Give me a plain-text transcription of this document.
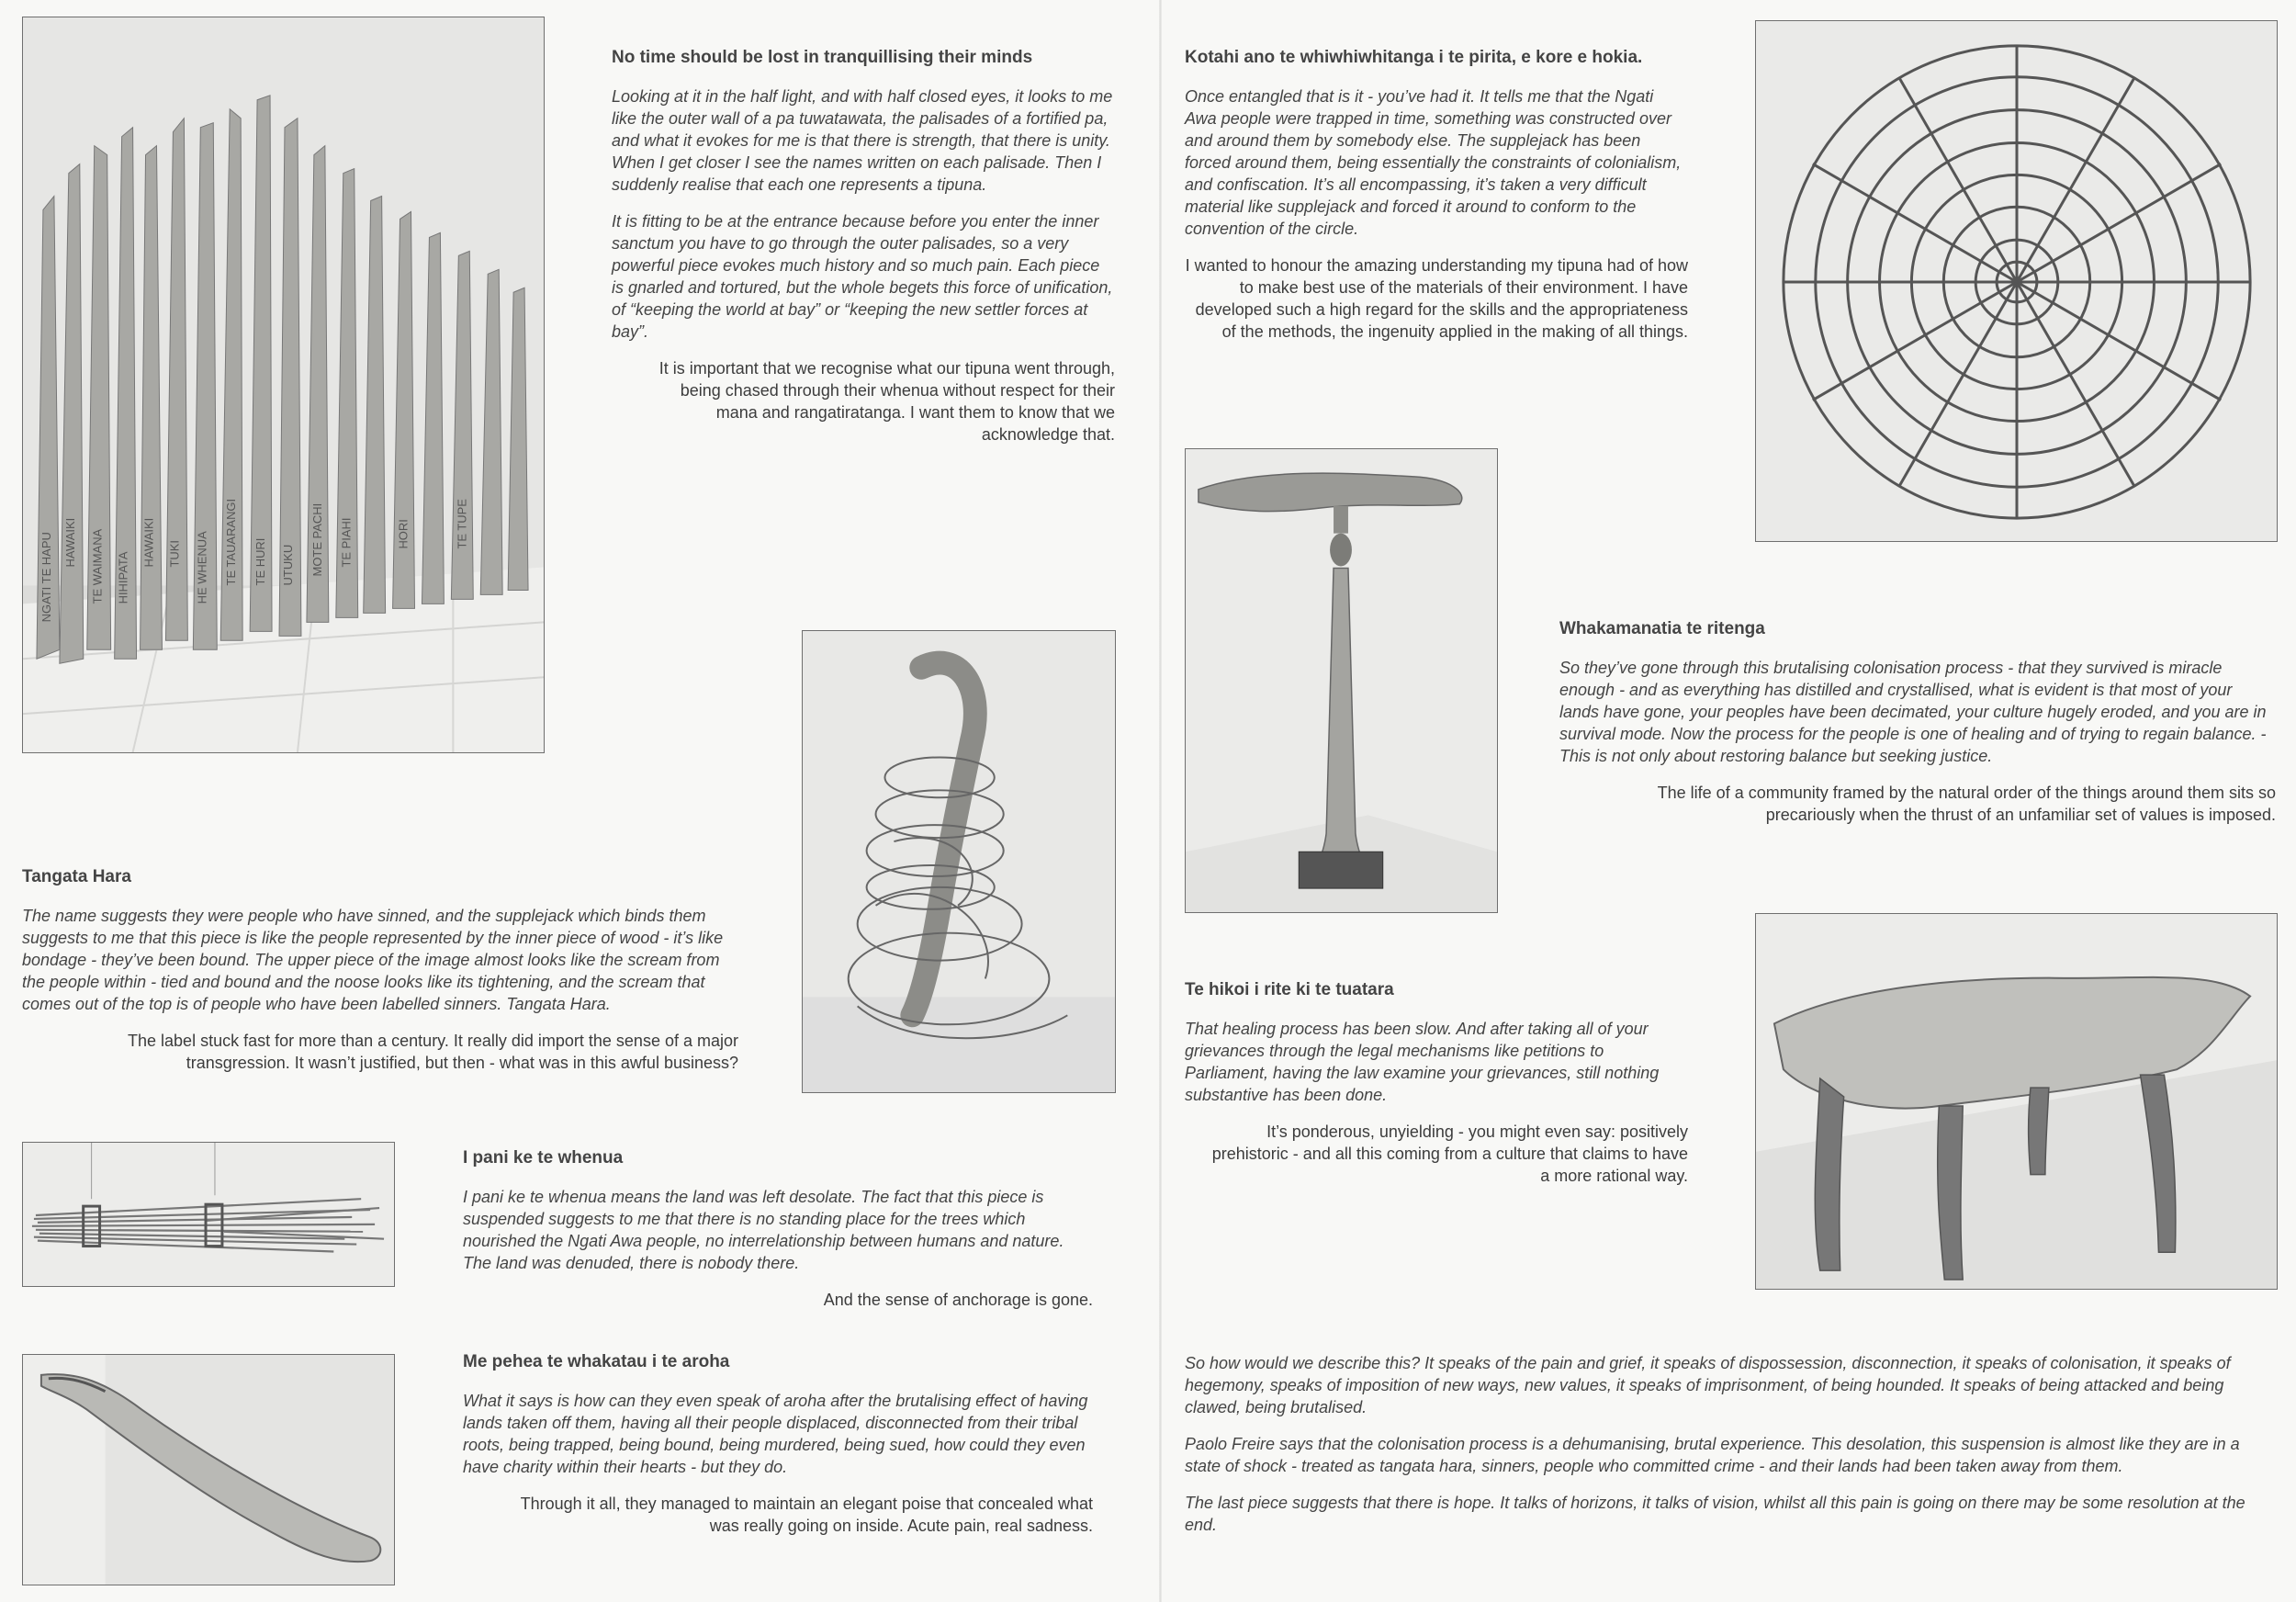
NGATI TE HAPU HAWAIKI TE WAIMANA HIHIPATA
HAWAIKI TUKI HE WHENUA TE TAUARANGI TE HURI UTUKU MOTE PACHI TE PIAHI	HORI	TE TUPE
No time should be lost in tranquillising their minds

Looking at it in the half light, and with half closed eyes, it looks to me like the outer wall of a pa tuwatawata, the palisades of a fortified pa, and what it evokes for me is that there is strength, that there is unity. When I get closer I see the names written on each palisade. Then I suddenly realise that each one represents a tipuna.

It is fitting to be at the entrance because before you enter the inner sanctum you have to go through the outer palisades, so a very powerful piece evokes much history and so much pain. Each piece is gnarled and tortured, but the whole begets this force of unification, of “keeping the world at bay” or “keeping the new settler forces at bay”.

It is important that we recognise what our tipuna went through, being chased through their whenua without respect for their mana and rangatiratanga. I want them to know that we acknowledge that.

Tangata Hara

The name suggests they were people who have sinned, and the supplejack which binds them suggests to me that this piece is like the people represented by the inner piece of wood - it’s like bondage - they’ve been bound. The upper piece of the image almost looks like the scream from the people within - tied and bound and the noose looks like its tightening, and the scream that comes out of the top is of people who have been labelled sinners. Tangata Hara.

The label stuck fast for more than a century. It really did import the sense of a major transgression. It wasn’t justified, but then - what was in this awful business?

I pani ke te whenua

I pani ke te whenua means the land was left desolate. The fact that this piece is suspended suggests to me that there is no standing place for the trees which nourished the Ngati Awa people, no interrelationship between humans and nature. The land was denuded, there is nobody there.

And the sense of anchorage is gone.

Me pehea te whakatau i te aroha

What it says is how can they even speak of aroha after the brutalising effect of having lands taken off them, having all their people displaced, disconnected from their tribal roots, being trapped, being bound, being murdered, being sued, how could they even have charity within their hearts - but they do.

Through it all, they managed to maintain an elegant poise that concealed what was really going on inside. Acute pain, real sadness.

Kotahi ano te whiwhiwhitanga i te pirita, e kore e hokia.

Once entangled that is it - you’ve had it. It tells me that the Ngati Awa people were trapped in time, something was constructed over and around them by somebody else. The supplejack has been forced around them, being essentially the constraints of colonialism, and confiscation. It’s all encompassing, it’s taken a very difficult material like supplejack and forced it around to conform to the convention of the circle.

I wanted to honour the amazing understanding my tipuna had of how to make best use of the materials of their environment. I have developed such a high regard for the skills and the appropriateness of the methods, the ingenuity applied in the making of all things.

Whakamanatia te ritenga

So they’ve gone through this brutalising colonisation process - that they survived is miracle enough - and as everything has distilled and crystallised, what is evident is that most of your lands have gone, your peoples have been decimated, your culture hugely eroded, and you are in survival mode. Now the process for the people is one of healing and of trying to regain balance. - This is not only about restoring balance but seeking justice.

The life of a community framed by the natural order of the things around them sits so precariously when the thrust of an unfamiliar set of values is imposed.

Te hikoi i rite ki te tuatara

That healing process has been slow. And after taking all of your grievances through the legal mechanisms like petitions to Parliament, having the law examine your grievances, still nothing substantive has been done.

It’s ponderous, unyielding - you might even say: positively prehistoric - and all this coming from a culture that claims to have a more rational way.

So how would we describe this? It speaks of the pain and grief, it speaks of dispossession, disconnection, it speaks of colonisation, it speaks of hegemony, speaks of imposition of new ways, new values, it speaks of imprisonment, of being hounded. It speaks of being attacked and being clawed, being brutalised.

Paolo Freire says that the colonisation process is a dehumanising, brutal experience. This desolation, this suspension is almost like they are in a state of shock - treated as tangata hara, sinners, people who committed crime - and their lands had been taken away from them.

The last piece suggests that there is hope. It talks of horizons, it talks of vision, whilst all this pain is going on there may be some resolution at the end.
